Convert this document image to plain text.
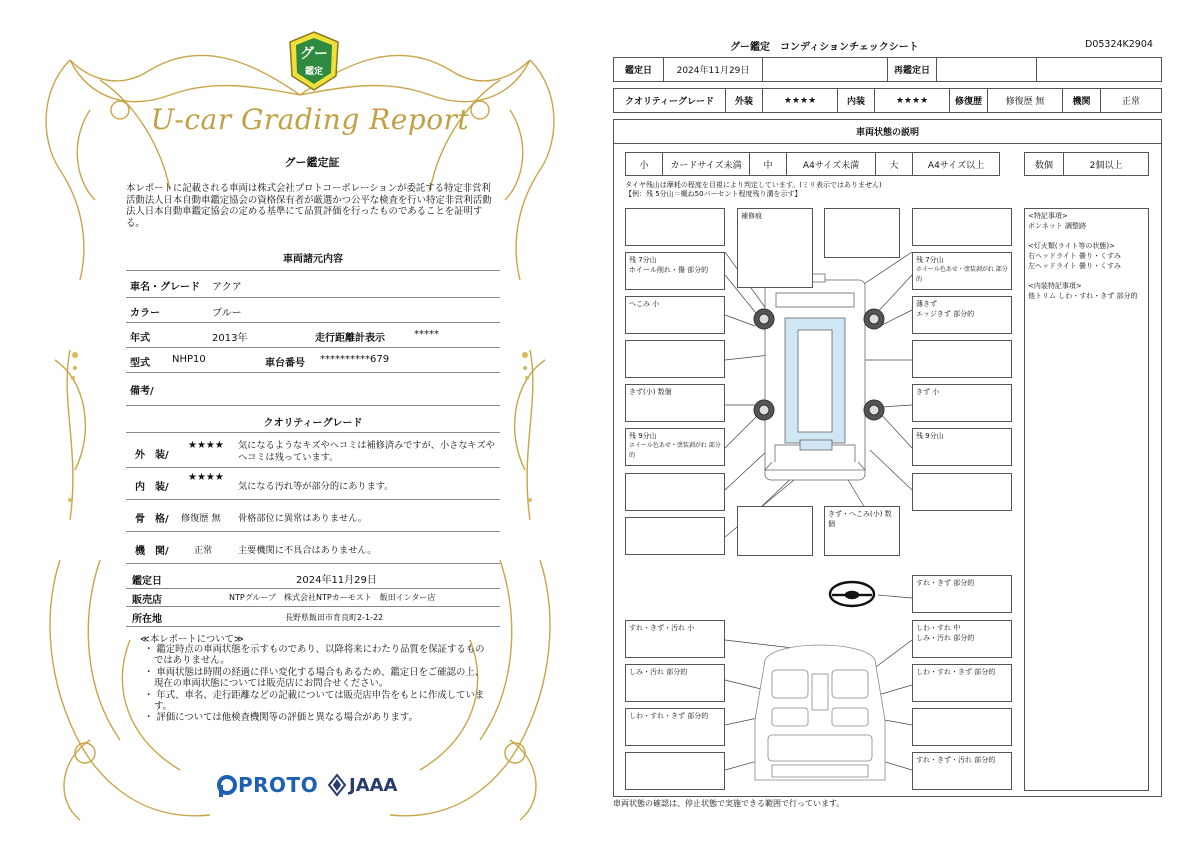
グー
鑑定
U-car Grading Report
グー鑑定証
本レポートに記載される車両は株式会社プロトコーポレーションが委託する特定非営利活動法人日本自動車鑑定協会の資格保有者が厳選かつ公平な検査を行い特定非営利活動法人日本自動車鑑定協会の定める基準にて品質評価を行ったものであることを証明する。
車両諸元内容
車名・グレード アクア
カラー	ブルー
年式	2013年	走行距離計表示	*****
型式 NHP10	車台番号 **********679
備考/
クオリティーグレード
外　装/
★★★★ 気になるようなキズやヘコミは補修済みですが、小さなキズやヘコミは残っています。
内　装/
★★★★
気になる汚れ等が部分的にあります。
骨　格/ 修復歴 無 骨格部位に異常はありません。
機　関/	正常	主要機関に不具合はありません。
鑑定日	2024年11月29日
販売店	NTPグループ　株式会社NTPカーモスト　飯田インター店
所在地	長野県飯田市育良町2-1-22
≪本レポートについて≫
・ 鑑定時点の車両状態を示すものであり、以降将来にわたり品質を保証するものではありません。
・ 車両状態は時間の経過に伴い変化する場合もあるため、鑑定日をご確認の上、現在の車両状態については販売店にお問合せください。
・ 年式、車名、走行距離などの記載については販売店申告をもとに作成しています。
・ 評価については他検査機関等の評価と異なる場合があります。
PROTO JAAA
グー鑑定　コンディションチェックシート	D05324K2904
鑑定日	2024年11月29日	再鑑定日
クオリティーグレード	外装	★★★★	内装	★★★★	修復歴	修復歴 無	機関	正常
車両状態の説明
小	カードサイズ未満	中	A4サイズ未満	大	A4サイズ以上	数個	2個以上
タイヤ残山は摩耗の程度を目視により判定しています。(ミリ表示ではありません)
【例：残 5分山＝概ね50パーセント程度残り溝を示す】
残 7分山
ホイール削れ・傷 部分的
へこみ 小
きず(小) 数個
残 9分山
ホイール色あせ・塗装剥がれ 部分的
補修痕
きず・へこみ(小) 数個
残 7分山
ホイール色あせ・塗装剥がれ 部分的
薄きず
エッジきず 部分的
きず 小
残 9分山
<特記事項>
ボンネット 調整跡

<灯火類(ライト等の状態)>
右ヘッドライト 曇り・くすみ
左ヘッドライト 曇り・くすみ

<内装特記事項>
他トリム しわ・すれ・きず 部分的
すれ・きず 部分的
すれ・きず・汚れ 小	しわ・すれ 中
しみ・汚れ 部分的
しみ・汚れ 部分的	しわ・すれ・きず 部分的
しわ・すれ・きず 部分的
すれ・きず・汚れ 部分的
車両状態の確認は、停止状態で実施できる範囲で行っています。
